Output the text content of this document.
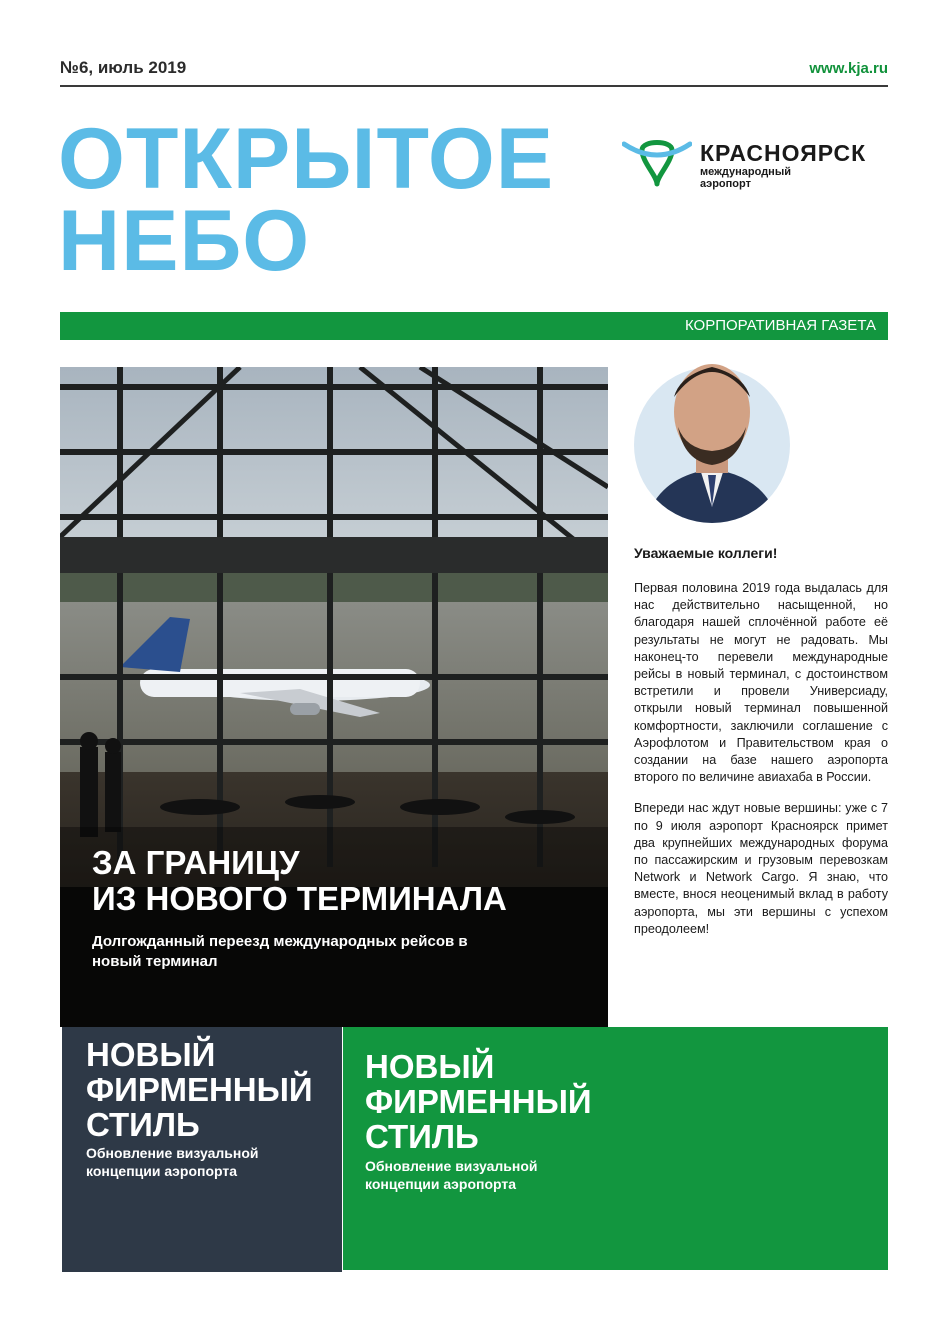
№6, июль 2019	www.kja.ru
ОТКРЫТОЕ
НЕБО
КРАСНОЯРСК
международный
аэропорт
КОРПОРАТИВНАЯ ГАЗЕТА
ЗА ГРАНИЦУ
ИЗ НОВОГО ТЕРМИНАЛА
Долгожданный переезд международных рейсов в новый терминал
Уважаемые коллеги!

Первая половина 2019 года выдалась для нас действительно насыщенной, но благодаря нашей сплочённой работе её результаты не могут не радовать. Мы наконец-то перевели международные рейсы в новый терминал, с достоинством встретили и провели Универсиаду, открыли новый терминал повышенной комфортности, заключили соглашение с Аэрофлотом и Правительством края о создании на базе нашего аэропорта второго по величине авиахаба в России.

Впереди нас ждут новые вершины: уже с 7 по 9 июля аэропорт Красноярск примет два крупнейших международных форума по пассажирским и грузовым перевозкам Network и Network Cargo. Я знаю, что вместе, внося неоценимый вклад в работу аэропорта, мы эти вершины с успехом преодолеем!

НОВЫЙ
ФИРМЕННЫЙ
СТИЛЬ
Обновление визуальной
концепции аэропорта
НОВЫЙ
ФИРМЕННЫЙ
СТИЛЬ
Обновление визуальной
концепции аэропорта
